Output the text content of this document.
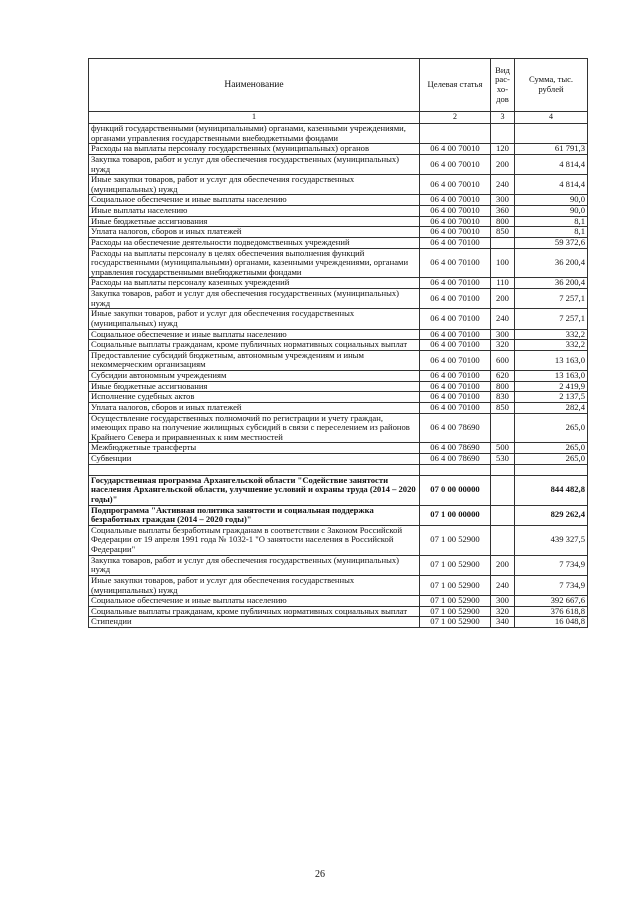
Наименование	Целевая статья	Вид рас-хо-дов	Сумма, тыс. рублей
1	2	3	4
функций государственными (муниципальными) органами, казенными учреждениями, органами управления государственными внебюджетными фондами			
Расходы на выплаты персоналу государственных (муниципальных) органов	06 4 00 70010	120	61 791,3
Закупка товаров, работ и услуг для обеспечения государственных (муниципальных) нужд	06 4 00 70010	200	4 814,4
Иные закупки товаров, работ и услуг для обеспечения государственных (муниципальных) нужд	06 4 00 70010	240	4 814,4
Социальное обеспечение и иные выплаты населению	06 4 00 70010	300	90,0
Иные выплаты населению	06 4 00 70010	360	90,0
Иные бюджетные ассигнования	06 4 00 70010	800	8,1
Уплата налогов, сборов и иных платежей	06 4 00 70010	850	8,1
Расходы на обеспечение деятельности подведомственных учреждений	06 4 00 70100		59 372,6
Расходы на выплаты персоналу в целях обеспечения выполнения функций государственными (муниципальными) органами, казенными учреждениями, органами управления государственными внебюджетными фондами	06 4 00 70100	100	36 200,4
Расходы на выплаты персоналу казенных учреждений	06 4 00 70100	110	36 200,4
Закупка товаров, работ и услуг для обеспечения государственных (муниципальных) нужд	06 4 00 70100	200	7 257,1
Иные закупки товаров, работ и услуг для обеспечения государственных (муниципальных) нужд	06 4 00 70100	240	7 257,1
Социальное обеспечение и иные выплаты населению	06 4 00 70100	300	332,2
Социальные выплаты гражданам, кроме публичных нормативных социальных выплат	06 4 00 70100	320	332,2
Предоставление субсидий бюджетным, автономным учреждениям и иным некоммерческим организациям	06 4 00 70100	600	13 163,0
Субсидии автономным учреждениям	06 4 00 70100	620	13 163,0
Иные бюджетные ассигнования	06 4 00 70100	800	2 419,9
Исполнение судебных актов	06 4 00 70100	830	2 137,5
Уплата налогов, сборов и иных платежей	06 4 00 70100	850	282,4
Осуществление государственных полномочий по регистрации и учету граждан, имеющих право на получение жилищных субсидий в связи с переселением из районов Крайнего Севера и приравненных к ним местностей	06 4 00 78690		265,0
Межбюджетные трансферты	06 4 00 78690	500	265,0
Субвенции	06 4 00 78690	530	265,0

Государственная программа Архангельской области "Содействие занятости населения Архангельской области, улучшение условий и охраны труда (2014 – 2020 годы)"	07 0 00 00000		844 482,8
Подпрограмма "Активная политика занятости и социальная поддержка безработных граждан (2014 – 2020 годы)"	07 1 00 00000		829 262,4
Социальные выплаты безработным гражданам в соответствии с Законом Российской Федерации от 19 апреля 1991 года № 1032-1 "О занятости населения в Российской Федерации"	07 1 00 52900		439 327,5
Закупка товаров, работ и услуг для обеспечения государственных (муниципальных) нужд	07 1 00 52900	200	7 734,9
Иные закупки товаров, работ и услуг для обеспечения государственных (муниципальных) нужд	07 1 00 52900	240	7 734,9
Социальное обеспечение и иные выплаты населению	07 1 00 52900	300	392 667,6
Социальные выплаты гражданам, кроме публичных нормативных социальных выплат	07 1 00 52900	320	376 618,8
Стипендии	07 1 00 52900	340	16 048,8
26
